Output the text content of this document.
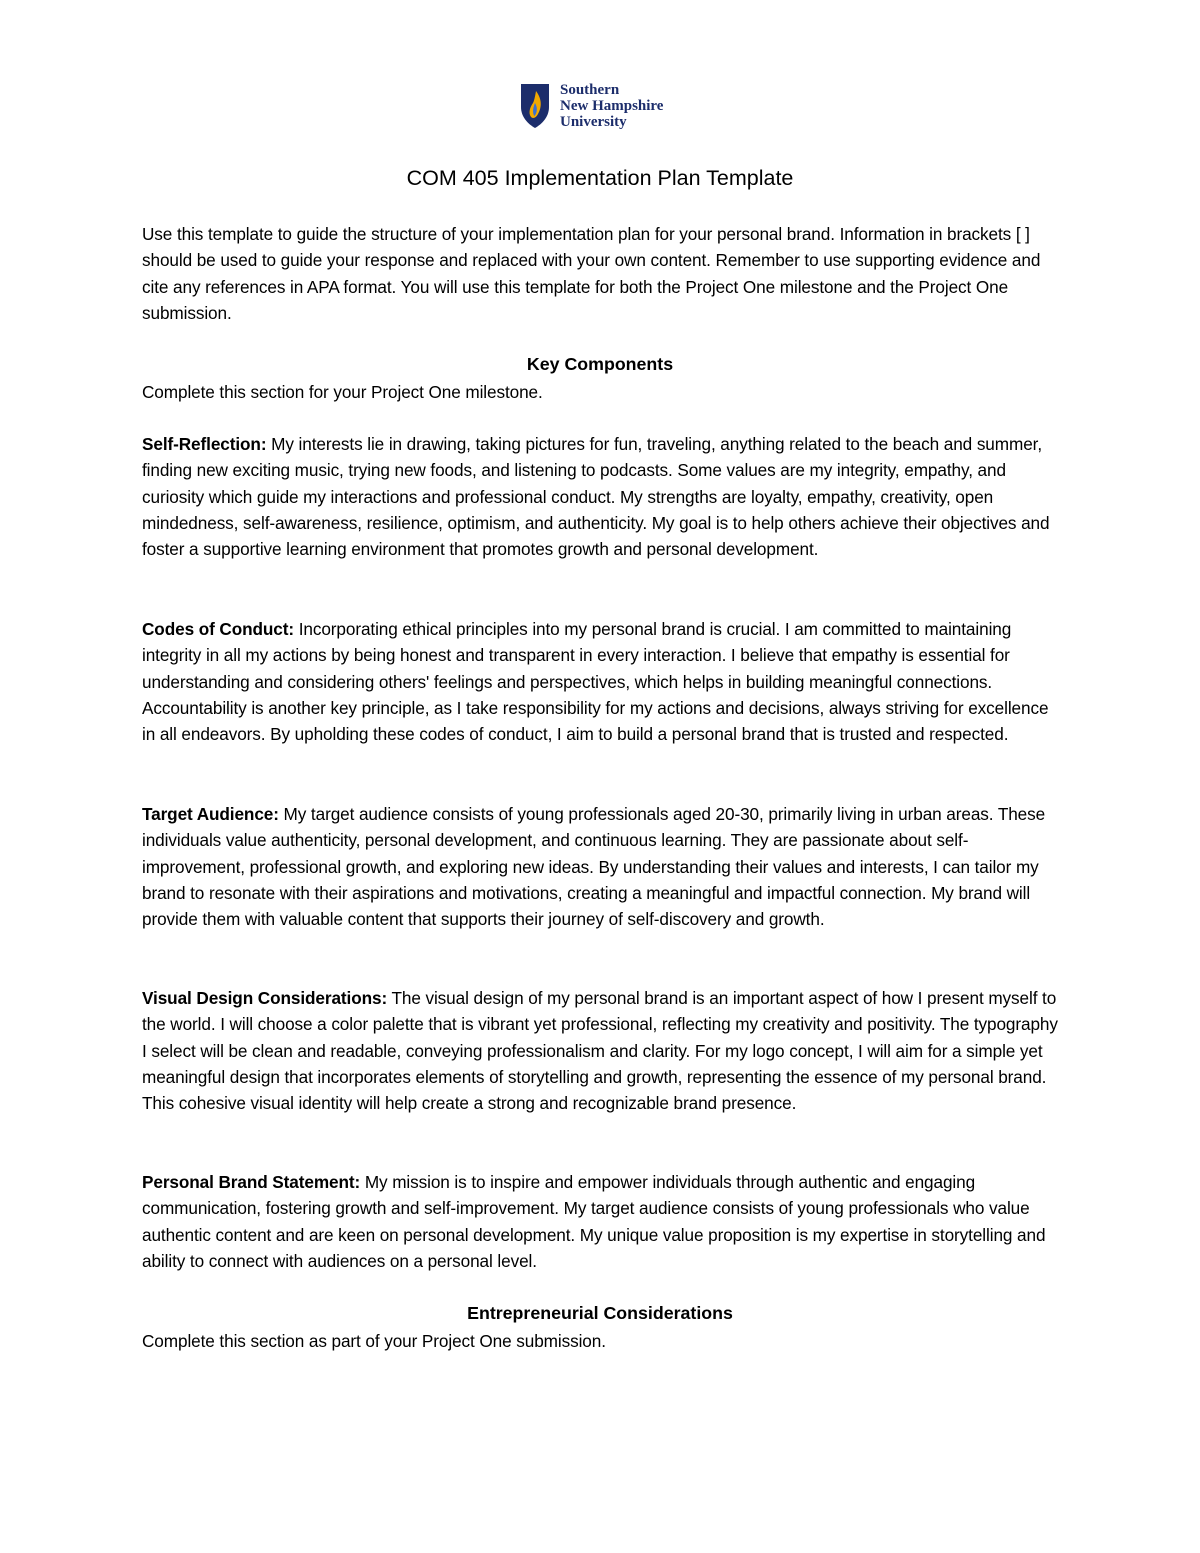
Southern
New Hampshire
University
COM 405 Implementation Plan Template

Use this template to guide the structure of your implementation plan for your personal brand. Information in brackets [ ] should be used to guide your response and replaced with your own content. Remember to use supporting evidence and cite any references in APA format. You will use this template for both the Project One milestone and the Project One submission.

Key Components

Complete this section for your Project One milestone.

Self-Reflection: My interests lie in drawing, taking pictures for fun, traveling, anything related to the beach and summer, finding new exciting music, trying new foods, and listening to podcasts. Some values are my integrity, empathy, and curiosity which guide my interactions and professional conduct. My strengths are loyalty, empathy, creativity, open mindedness, self-awareness, resilience, optimism, and authenticity. My goal is to help others achieve their objectives and foster a supportive learning environment that promotes growth and personal development.

Codes of Conduct: Incorporating ethical principles into my personal brand is crucial. I am committed to maintaining integrity in all my actions by being honest and transparent in every interaction. I believe that empathy is essential for understanding and considering others' feelings and perspectives, which helps in building meaningful connections. Accountability is another key principle, as I take responsibility for my actions and decisions, always striving for excellence in all endeavors. By upholding these codes of conduct, I aim to build a personal brand that is trusted and respected.

Target Audience: My target audience consists of young professionals aged 20-30, primarily living in urban areas. These individuals value authenticity, personal development, and continuous learning. They are passionate about self-improvement, professional growth, and exploring new ideas. By understanding their values and interests, I can tailor my brand to resonate with their aspirations and motivations, creating a meaningful and impactful connection. My brand will provide them with valuable content that supports their journey of self-discovery and growth.

Visual Design Considerations: The visual design of my personal brand is an important aspect of how I present myself to the world. I will choose a color palette that is vibrant yet professional, reflecting my creativity and positivity. The typography I select will be clean and readable, conveying professionalism and clarity. For my logo concept, I will aim for a simple yet meaningful design that incorporates elements of storytelling and growth, representing the essence of my personal brand. This cohesive visual identity will help create a strong and recognizable brand presence.

Personal Brand Statement: My mission is to inspire and empower individuals through authentic and engaging communication, fostering growth and self-improvement. My target audience consists of young professionals who value authentic content and are keen on personal development. My unique value proposition is my expertise in storytelling and ability to connect with audiences on a personal level.

Entrepreneurial Considerations

Complete this section as part of your Project One submission.
